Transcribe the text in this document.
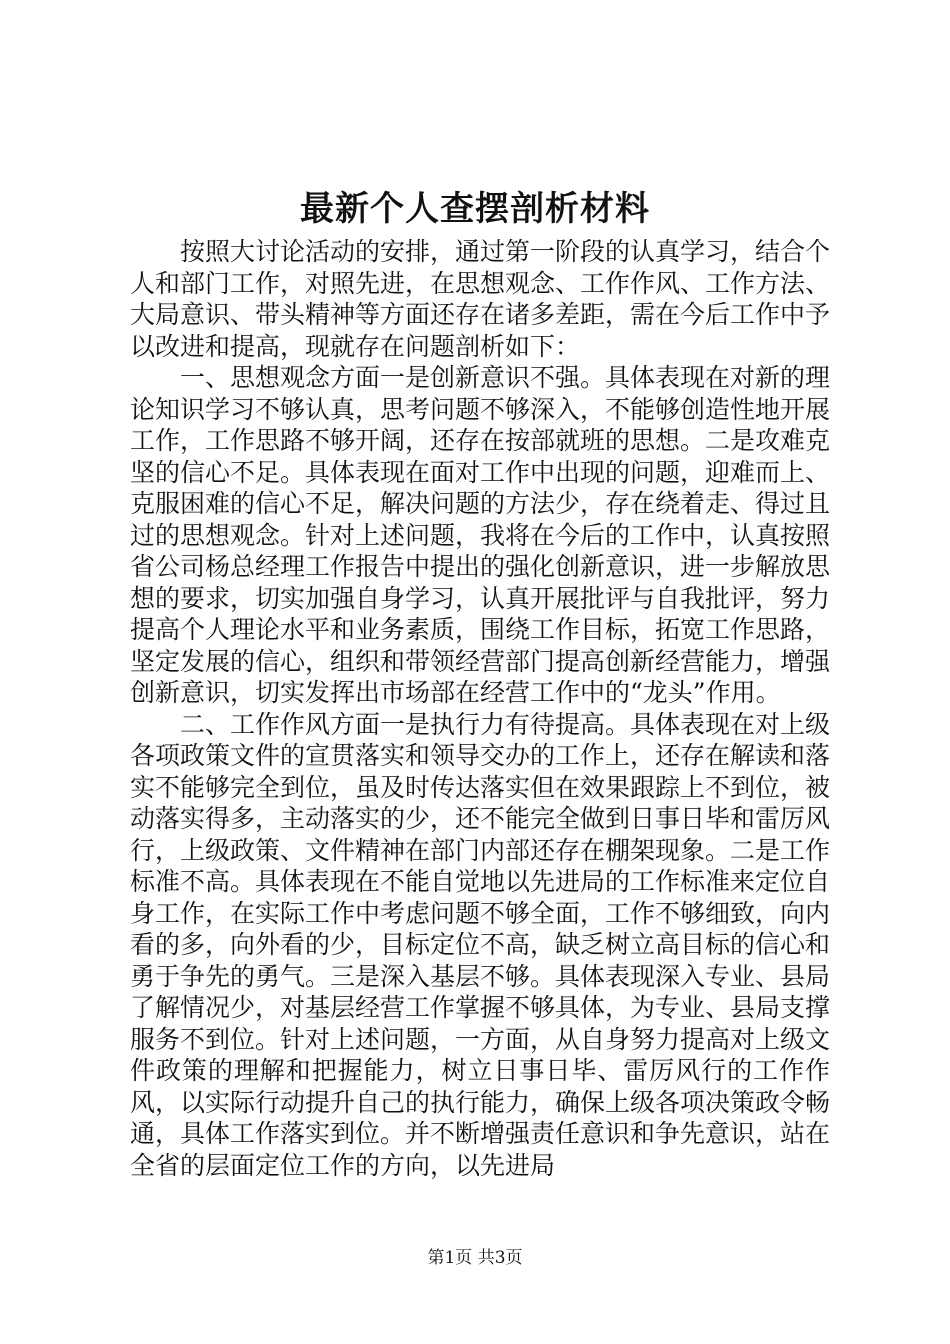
最新个人查摆剖析材料

按照大讨论活动的安排，通过第一阶段的认真学习，结合个人和部门工作，对照先进，在思想观念、工作作风、工作方法、大局意识、带头精神等方面还存在诸多差距，需在今后工作中予以改进和提高，现就存在问题剖析如下：

一、思想观念方面一是创新意识不强。具体表现在对新的理论知识学习不够认真，思考问题不够深入，不能够创造性地开展工作，工作思路不够开阔，还存在按部就班的思想。二是攻难克坚的信心不足。具体表现在面对工作中出现的问题，迎难而上、克服困难的信心不足，解决问题的方法少，存在绕着走、得过且过的思想观念。针对上述问题，我将在今后的工作中，认真按照省公司杨总经理工作报告中提出的强化创新意识，进一步解放思想的要求，切实加强自身学习，认真开展批评与自我批评，努力提高个人理论水平和业务素质，围绕工作目标，拓宽工作思路，坚定发展的信心，组织和带领经营部门提高创新经营能力，增强创新意识，切实发挥出市场部在经营工作中的“龙头”作用。

二、工作作风方面一是执行力有待提高。具体表现在对上级各项政策文件的宣贯落实和领导交办的工作上，还存在解读和落实不能够完全到位，虽及时传达落实但在效果跟踪上不到位，被动落实得多，主动落实的少，还不能完全做到日事日毕和雷厉风行，上级政策、文件精神在部门内部还存在棚架现象。二是工作标准不高。具体表现在不能自觉地以先进局的工作标准来定位自身工作，在实际工作中考虑问题不够全面，工作不够细致，向内看的多，向外看的少，目标定位不高，缺乏树立高目标的信心和勇于争先的勇气。三是深入基层不够。具体表现深入专业、县局了解情况少，对基层经营工作掌握不够具体，为专业、县局支撑服务不到位。针对上述问题，一方面，从自身努力提高对上级文件政策的理解和把握能力，树立日事日毕、雷厉风行的工作作风，以实际行动提升自己的执行能力，确保上级各项决策政令畅通，具体工作落实到位。并不断增强责任意识和争先意识，站在全省的层面定位工作的方向，以先进局

第1页 共3页
